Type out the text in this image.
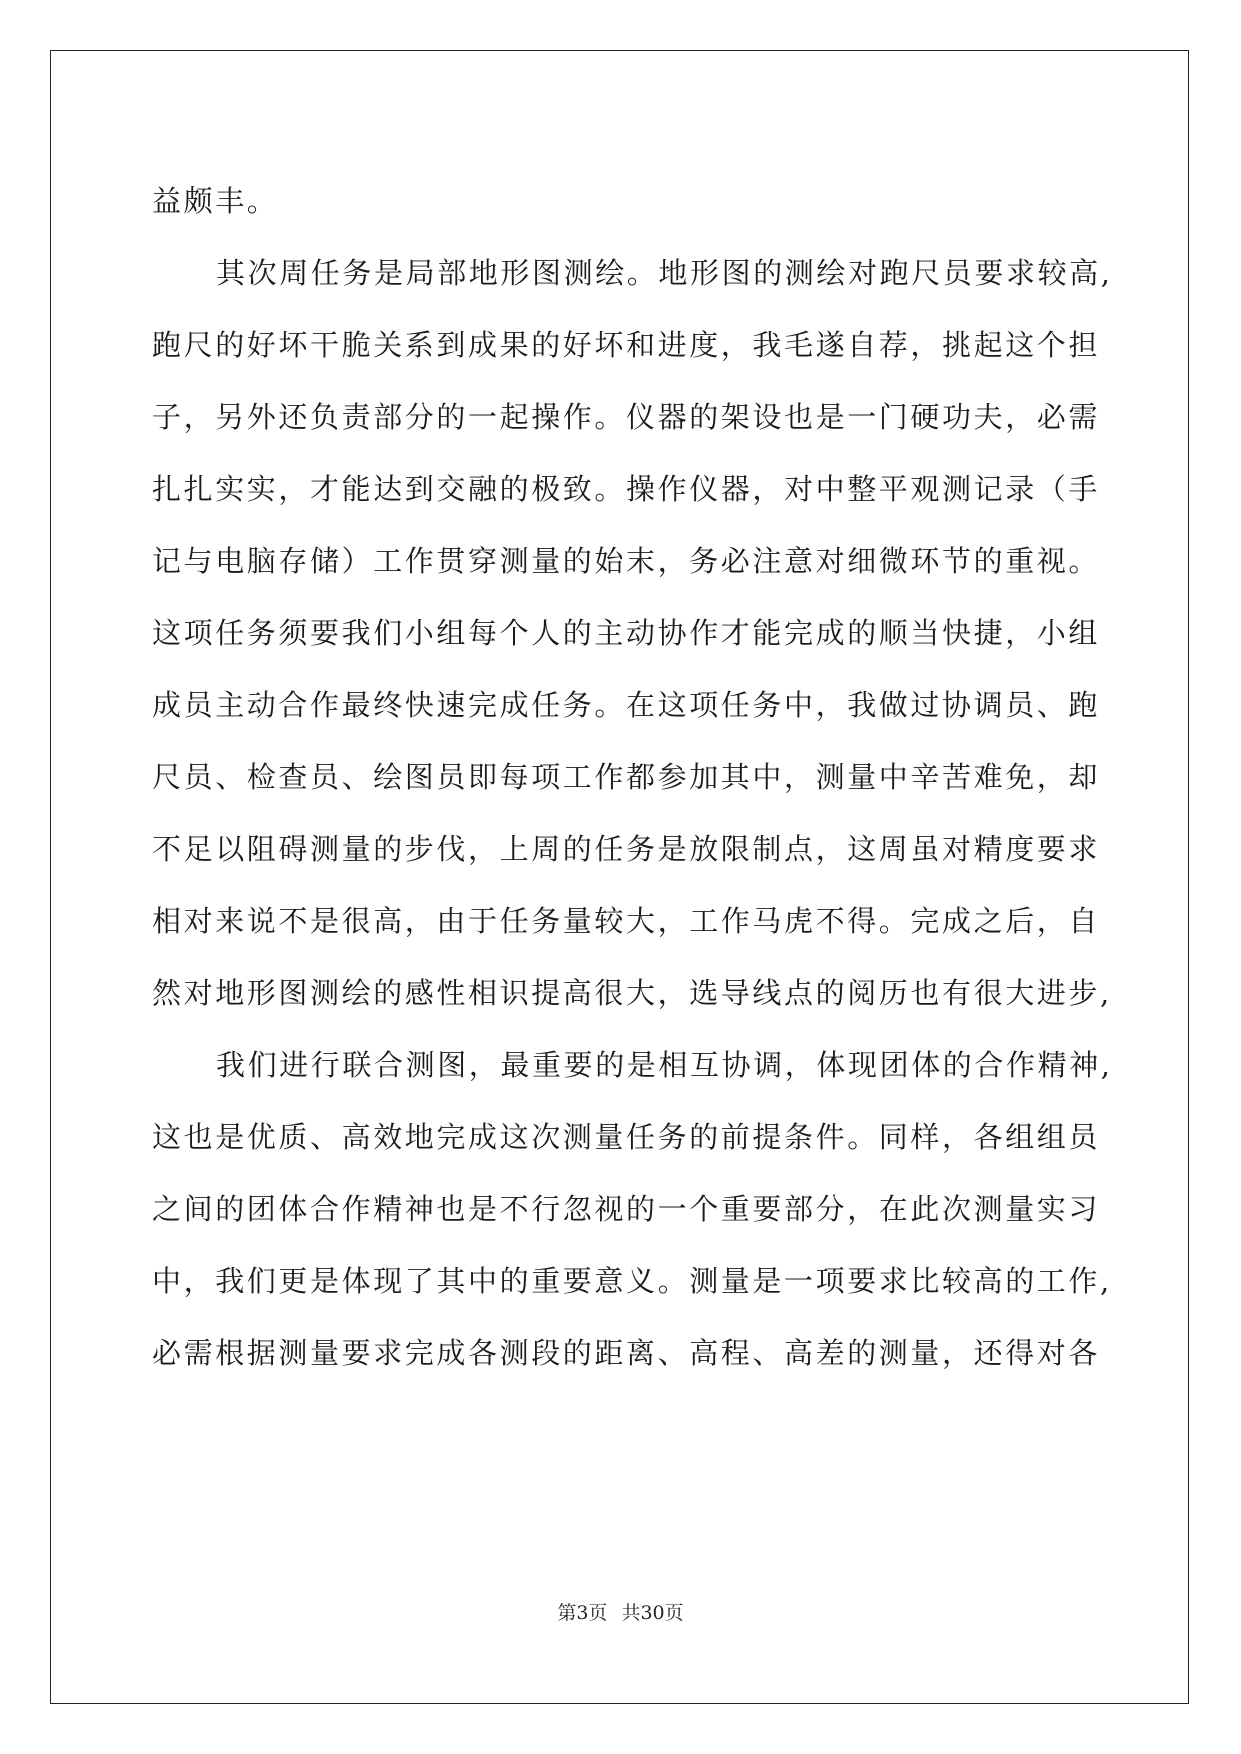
益颇丰。
其次周任务是局部地形图测绘。地形图的测绘对跑尺员要求较高,
跑尺的好坏干脆关系到成果的好坏和进度，我毛遂自荐，挑起这个担
子，另外还负责部分的一起操作。仪器的架设也是一门硬功夫，必需
扎扎实实，才能达到交融的极致。操作仪器，对中整平观测记录（手
记与电脑存储）工作贯穿测量的始末，务必注意对细微环节的重视。
这项任务须要我们小组每个人的主动协作才能完成的顺当快捷，小组
成员主动合作最终快速完成任务。在这项任务中，我做过协调员、跑
尺员、检查员、绘图员即每项工作都参加其中，测量中辛苦难免，却
不足以阻碍测量的步伐，上周的任务是放限制点，这周虽对精度要求
相对来说不是很高，由于任务量较大，工作马虎不得。完成之后，自
然对地形图测绘的感性相识提高很大，选导线点的阅历也有很大进步,
我们进行联合测图，最重要的是相互协调，体现团体的合作精神,
这也是优质、高效地完成这次测量任务的前提条件。同样，各组组员
之间的团体合作精神也是不行忽视的一个重要部分，在此次测量实习
中，我们更是体现了其中的重要意义。测量是一项要求比较高的工作,
必需根据测量要求完成各测段的距离、高程、高差的测量，还得对各
第3页 共30页
